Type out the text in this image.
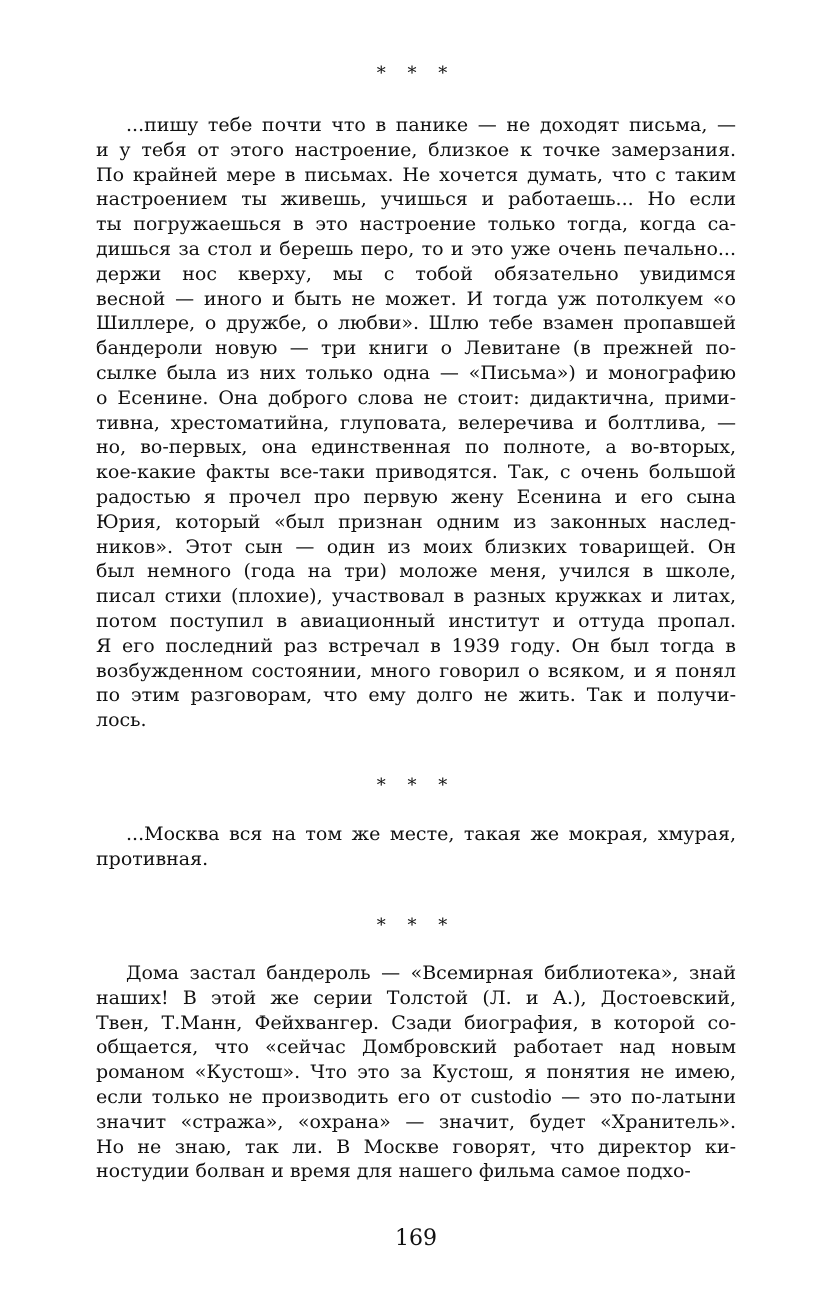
* * *
...пишу тебе почти что в панике — не доходят письма, —
и у тебя от этого настроение, близкое к точке замерзания.
По крайней мере в письмах. Не хочется думать, что с таким
настроением ты живешь, учишься и работаешь... Но если
ты погружаешься в это настроение только тогда, когда са-
дишься за стол и берешь перо, то и это уже очень печально...
держи нос кверху, мы с тобой обязательно увидимся
весной — иного и быть не может. И тогда уж потолкуем «о
Шиллере, о дружбе, о любви». Шлю тебе взамен пропавшей
бандероли новую — три книги о Левитане (в прежней по-
сылке была из них только одна — «Письма») и монографию
о Есенине. Она доброго слова не стоит: дидактична, прими-
тивна, хрестоматийна, глуповата, велеречива и болтлива, —
но, во-первых, она единственная по полноте, а во-вторых,
кое-какие факты все-таки приводятся. Так, с очень большой
радостью я прочел про первую жену Есенина и его сына
Юрия, который «был признан одним из законных наслед-
ников». Этот сын — один из моих близких товарищей. Он
был немного (года на три) моложе меня, учился в школе,
писал стихи (плохие), участвовал в разных кружках и литах,
потом поступил в авиационный институт и оттуда пропал.
Я его последний раз встречал в 1939 году. Он был тогда в
возбужденном состоянии, много говорил о всяком, и я понял
по этим разговорам, что ему долго не жить. Так и получи-
лось.
* * *
...Москва вся на том же месте, такая же мокрая, хмурая,
противная.
* * *
Дома застал бандероль — «Всемирная библиотека», знай
наших! В этой же серии Толстой (Л. и А.), Достоевский,
Твен, Т.Манн, Фейхвангер. Сзади биография, в которой со-
общается, что «сейчас Домбровский работает над новым
романом «Кустош». Что это за Кустош, я понятия не имею,
если только не производить его от custodio — это по-латыни
значит «стража», «охрана» — значит, будет «Хранитель».
Но не знаю, так ли. В Москве говорят, что директор ки-
ностудии болван и время для нашего фильма самое подхо-
169
